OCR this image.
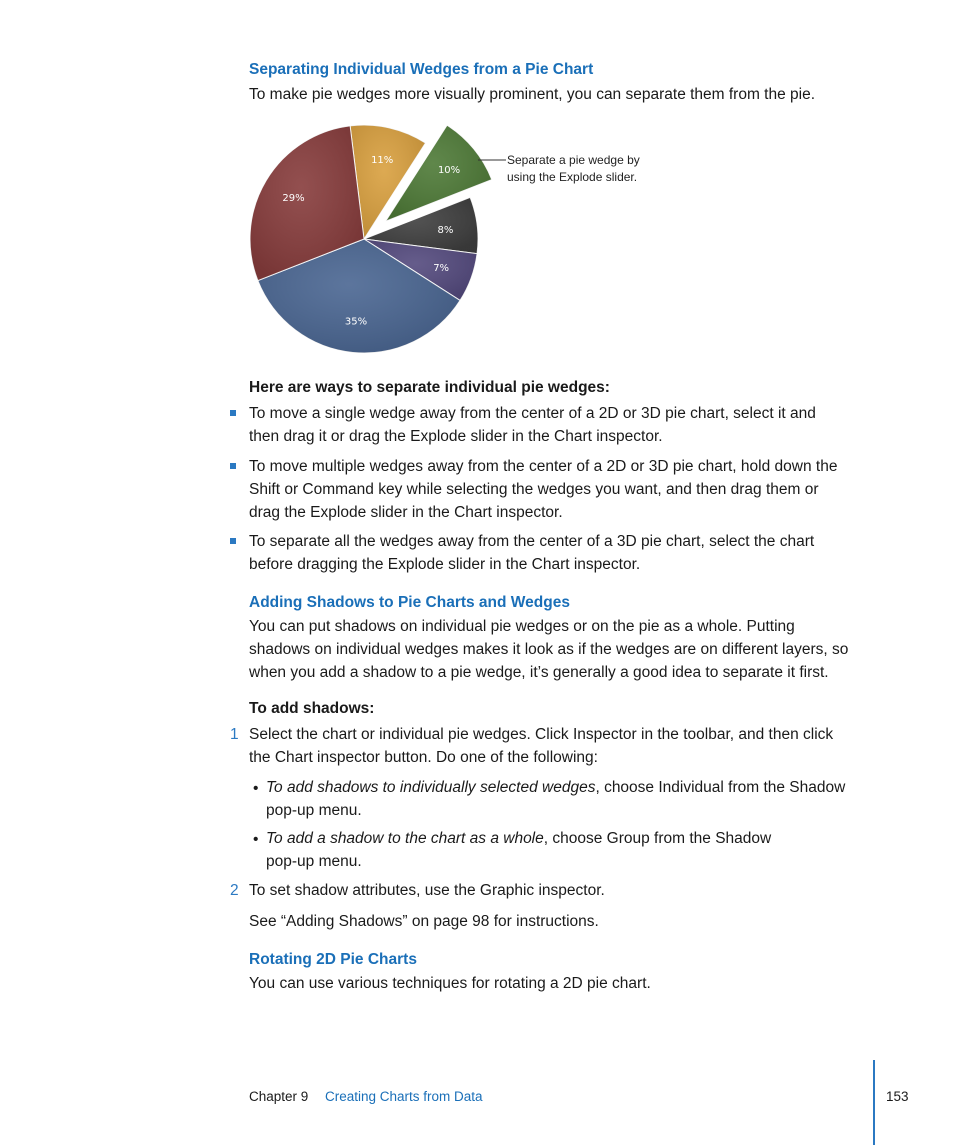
Separating Individual Wedges from a Pie Chart
To make pie wedges more visually prominent, you can separate them from the pie.
11%
10%
8%
7%
35%
29%
Separate a pie wedge by
using the Explode slider.
Here are ways to separate individual pie wedges:
To move a single wedge away from the center of a 2D or 3D pie chart, select it and
then drag it or drag the Explode slider in the Chart inspector.
To move multiple wedges away from the center of a 2D or 3D pie chart, hold down the
Shift or Command key while selecting the wedges you want, and then drag them or
drag the Explode slider in the Chart inspector.
To separate all the wedges away from the center of a 3D pie chart, select the chart
before dragging the Explode slider in the Chart inspector.
Adding Shadows to Pie Charts and Wedges
You can put shadows on individual pie wedges or on the pie as a whole. Putting
shadows on individual wedges makes it look as if the wedges are on different layers, so
when you add a shadow to a pie wedge, it’s generally a good idea to separate it first.
To add shadows:
1 Select the chart or individual pie wedges. Click Inspector in the toolbar, and then click
the Chart inspector button. Do one of the following:
• To add shadows to individually selected wedges, choose Individual from the Shadow
pop-up menu.
• To add a shadow to the chart as a whole, choose Group from the Shadow
pop-up menu.
2 To set shadow attributes, use the Graphic inspector.
See “Adding Shadows” on page 98 for instructions.
Rotating 2D Pie Charts
You can use various techniques for rotating a 2D pie chart.
Chapter 9 Creating Charts from Data	153
